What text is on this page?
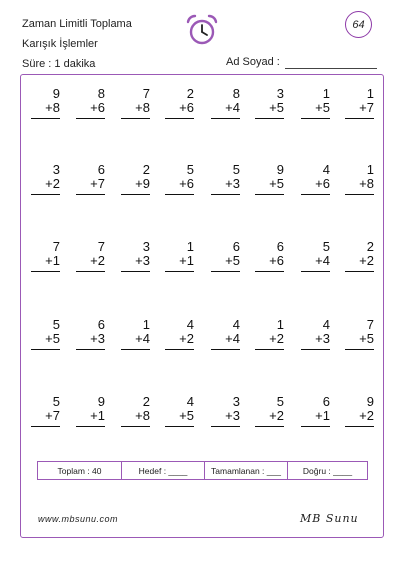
Zaman Limitli Toplama
Karışık İşlemler
Süre : 1 dakika
64
Ad Soyad :
9
+8
8
+6
7
+8
2
+6
8
+4
3
+5
1
+5
1
+7
3
+2
6
+7
2
+9
5
+6
5
+3
9
+5
4
+6
1
+8
7
+1
7
+2
3
+3
1
+1
6
+5
6
+6
5
+4
2
+2
5
+5
6
+3
1
+4
4
+2
4
+4
1
+2
4
+3
7
+5
5
+7
9
+1
2
+8
4
+5
3
+3
5
+2
6
+1
9
+2
Toplam : 40	Hedef : ____	Tamamlanan : ___	Doğru : ____
www.mbsunu.com	MB Sunu
